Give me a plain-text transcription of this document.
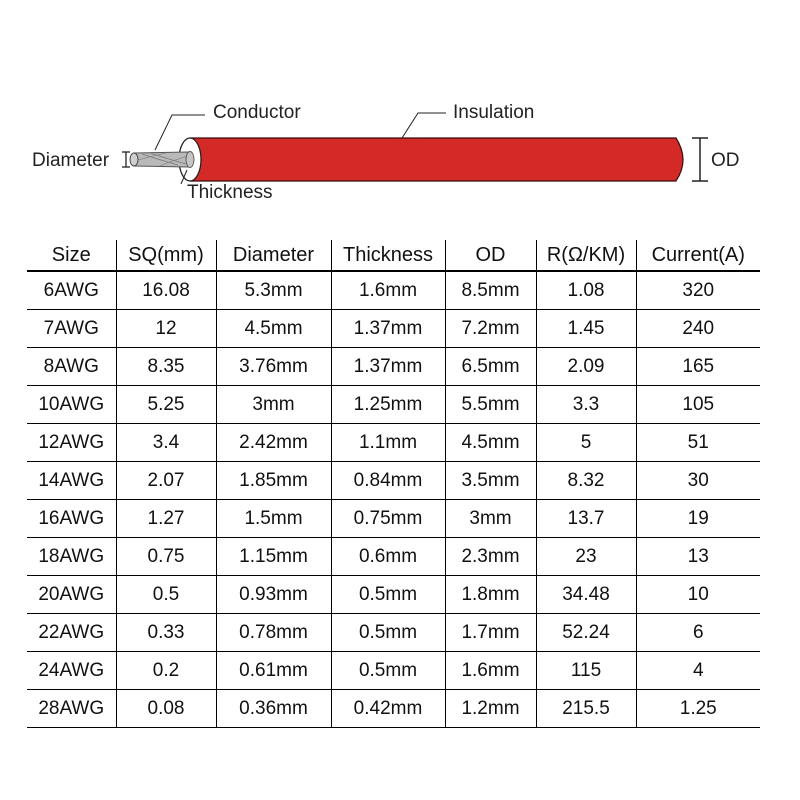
Conductor	Insulation
Diameter
Thickness
OD
Size	SQ(mm)	Diameter	Thickness	OD	R(Ω/KM)	Current(A)
6AWG	16.08	5.3mm	1.6mm	8.5mm	1.08	320
7AWG	12	4.5mm	1.37mm	7.2mm	1.45	240
8AWG	8.35	3.76mm	1.37mm	6.5mm	2.09	165
10AWG	5.25	3mm	1.25mm	5.5mm	3.3	105
12AWG	3.4	2.42mm	1.1mm	4.5mm	5	51
14AWG	2.07	1.85mm	0.84mm	3.5mm	8.32	30
16AWG	1.27	1.5mm	0.75mm	3mm	13.7	19
18AWG	0.75	1.15mm	0.6mm	2.3mm	23	13
20AWG	0.5	0.93mm	0.5mm	1.8mm	34.48	10
22AWG	0.33	0.78mm	0.5mm	1.7mm	52.24	6
24AWG	0.2	0.61mm	0.5mm	1.6mm	115	4
28AWG	0.08	0.36mm	0.42mm	1.2mm	215.5	1.25
